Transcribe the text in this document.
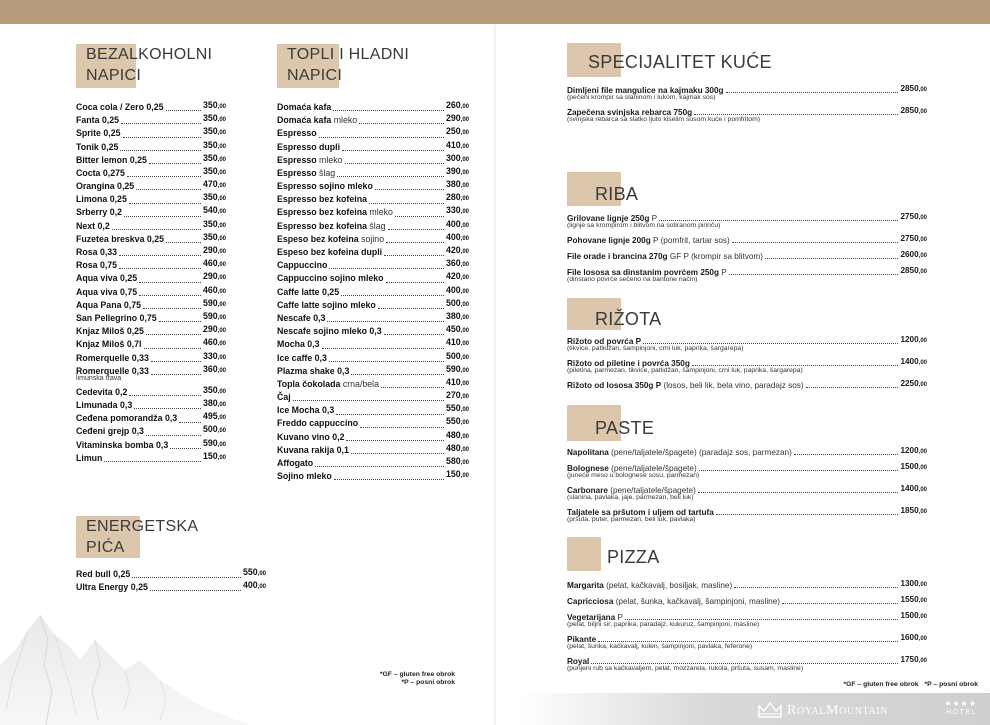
BEZALKOHOLNI
NAPICI
Coca cola / Zero 0,25	350,00
Fanta 0,25	350,00
Sprite 0,25	350,00
Tonik 0,25	350,00
Bitter lemon 0,25	350,00
Cocta 0,275	350,00
Orangina 0,25	470,00
Limona 0,25	350,00
Srberry 0,2	540,00
Next 0,2	350,00
Fuzetea breskva 0,25	350,00
Rosa 0,33	290,00
Rosa 0,75	460,00
Aqua viva 0,25	290,00
Aqua viva 0,75	460,00
Aqua Pana 0,75	590,00
San Pellegrino 0,75	590,00
Knjaz Miloš 0,25	290,00
Knjaz Miloš 0,7l	460,00
Romerquelle 0,33	330,00
Romerquelle 0,33	360,00
limunska trava
Cedevita 0,2	350,00
Limunada 0,3	380,00
Ceđena pomorandža 0,3	495,00
Ceđeni grejp 0,3	500,00
Vitaminska bomba 0,3	590,00
Limun	150,00
TOPLI I HLADNI
NAPICI
Domaća kafa	260,00
Domaća kafa mleko	290,00
Espresso	250,00
Espresso dupli	410,00
Espresso mleko	300,00
Espresso šlag	390,00
Espresso sojino mleko	380,00
Espresso bez kofeina	280,00
Espresso bez kofeina mleko	330,00
Espresso bez kofeina šlag	400,00
Espeso bez kofeina sojino	400,00
Espeso bez kofeina dupli	420,00
Cappuccino	360,00
Cappuccino sojino mleko	420,00
Caffe latte 0,25	400,00
Caffe latte sojino mleko	500,00
Nescafe 0,3	380,00
Nescafe sojino mleko 0,3	450,00
Mocha 0,3	410,00
Ice caffe 0,3	500,00
Plazma shake 0,3	590,00
Topla čokolada crna/bela	410,00
Čaj	270,00
Ice Mocha 0,3	550,00
Freddo cappuccino	550,00
Kuvano vino 0,2	480,00
Kuvana rakija 0,1	480,00
Affogato	580,00
Sojino mleko	150,00
ENERGETSKA
PIĆA
Red bull 0,25	550,00
Ultra Energy 0,25	400,00
*GF – gluten free obrok
*P – posni obrok
SPECIJALITET KUĆE
Dimljeni file mangulice na kajmaku 300g	2850,00
(pečeni krompir sa slaninom i lukom, kajmak sos)
Zapečena svinjska rebarca 750g	2850,00
(svinjska rebarca sa slatko ljuto kiselim sosom kuće i pomfritom)
RIBA
Grilovane lignje 250g P	2750,00
(lignje sa krompirom i blitvom na sotiranom pirinču)
Pohovane lignje 200g P (pomfrit, tartar sos)	2750,00
File orade i brancina 270g GF P (krompir sa blitvom)	2600,00
File lososa sa dinstanim povrćem 250g P	2850,00
(dinstano povrće sečeno na bantone način)
RIŽOTA
Rižoto od povrća P	1200,00
(tikvice, patlidžan, šampinjoni, crni luk, paprika, šargarepa)
Rižoto od piletine i povrća 350g	1400,00
(piletina, parmezan, tikvice, patlidžan, šampinjoni, crni luk, paprika, šargarepa)
Rižoto od lososa 350g P (losos, beli lik, bela vino, paradajz sos)	2250,00
PASTE
Napolitana (pene/taljatele/špagete) (paradajz sos, parmezan)	1200,00
Bolognese (pene/taljatele/špagete)	1500,00
(juneće meso u bolognese sosu, parmezan)
Carbonare (pene/taljatele/špagete)	1400,00
(slanina, pavlaka, jaje, parmezan, beli luk)
Taljatele sa pršutom i uljem od tartufa	1850,00
(pršuta, puter, parmezan, beli luk, pavlaka)
PIZZA
Margarita (pelat, kačkavalj, bosiljak, masline)	1300,00
Capricciosa (pelat, šunka, kačkavalj, šampinjoni, masline)	1550,00
Vegetarijana P	1500,00
(pelat, biljni sir, paprika, paradajz, kukuruz, šampinjoni, masline)
Pikante	1600,00
(pelat, šunka, kačkavalj, kulen, šampinjoni, pavlaka, feferone)
Royal	1750,00
(punjeni rub sa kačkavaljem, pelat, mozzarela, rukola, pršuta, susam, masline)
*GF – gluten free obrok *P – posni obrok
ROYALMOUNTAIN
★★★★
HOTEL
